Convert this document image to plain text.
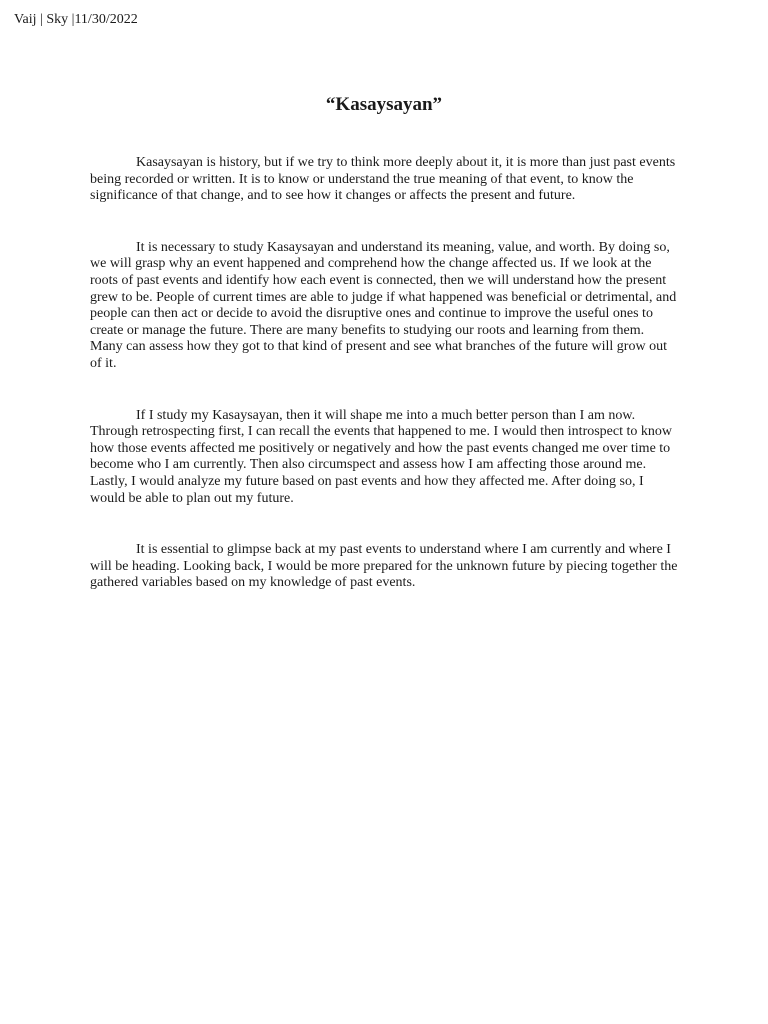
Vaij | Sky |11/30/2022
“Kasaysayan”

Kasaysayan is history, but if we try to think more deeply about it, it is more than just past events being recorded or written. It is to know or understand the true meaning of that event, to know the significance of that change, and to see how it changes or affects the present and future.

It is necessary to study Kasaysayan and understand its meaning, value, and worth. By doing so, we will grasp why an event happened and comprehend how the change affected us. If we look at the roots of past events and identify how each event is connected, then we will understand how the present grew to be. People of current times are able to judge if what happened was beneficial or detrimental, and people can then act or decide to avoid the disruptive ones and continue to improve the useful ones to create or manage the future. There are many benefits to studying our roots and learning from them. Many can assess how they got to that kind of present and see what branches of the future will grow out of it.

If I study my Kasaysayan, then it will shape me into a much better person than I am now. Through retrospecting first, I can recall the events that happened to me. I would then introspect to know how those events affected me positively or negatively and how the past events changed me over time to become who I am currently. Then also circumspect and assess how I am affecting those around me. Lastly, I would analyze my future based on past events and how they affected me. After doing so, I would be able to plan out my future.

It is essential to glimpse back at my past events to understand where I am currently and where I will be heading. Looking back, I would be more prepared for the unknown future by piecing together the gathered variables based on my knowledge of past events.
